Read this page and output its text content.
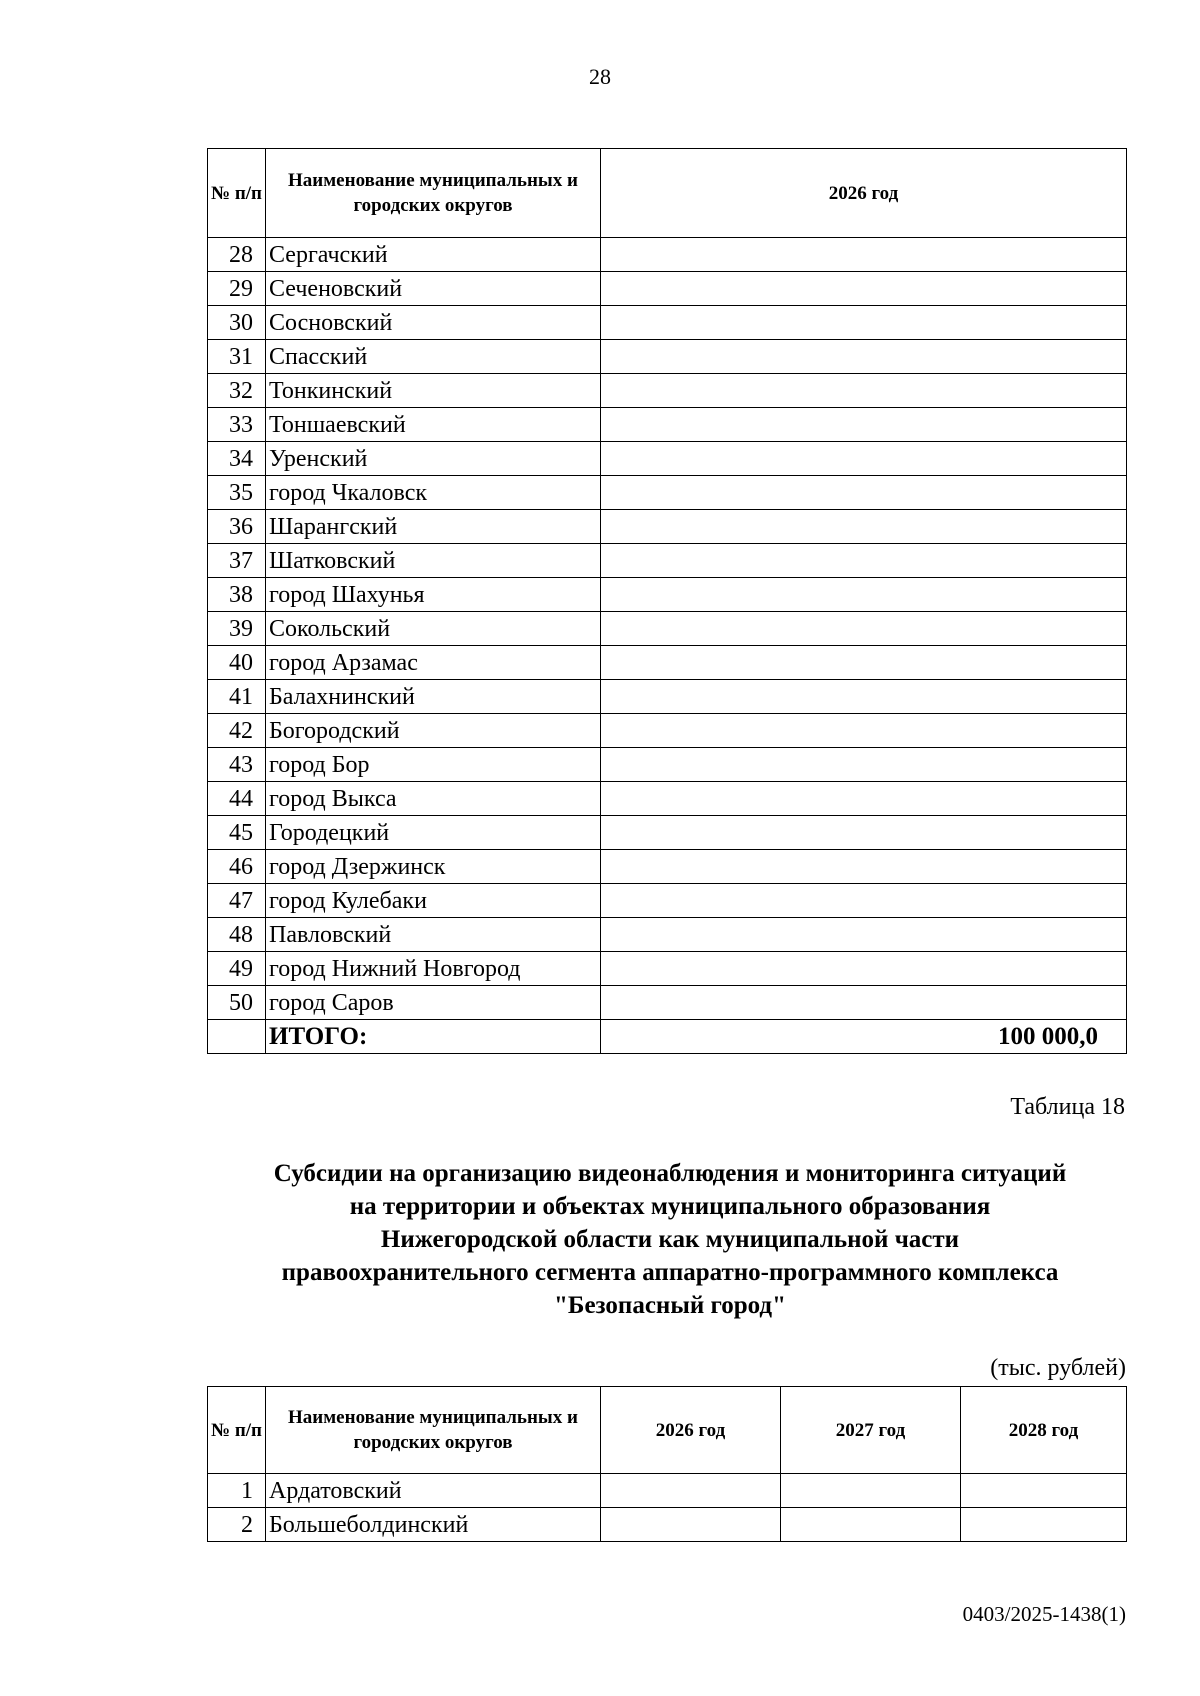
28
№ п/п	Наименование муниципальных и городских округов	2026 год
28	Сергачский	
29	Сеченовский	
30	Сосновский	
31	Спасский	
32	Тонкинский	
33	Тоншаевский	
34	Уренский	
35	город Чкаловск	
36	Шарангский	
37	Шатковский	
38	город Шахунья	
39	Сокольский	
40	город Арзамас	
41	Балахнинский	
42	Богородский	
43	город Бор	
44	город Выкса	
45	Городецкий	
46	город Дзержинск	
47	город Кулебаки	
48	Павловский	
49	город Нижний Новгород	
50	город Саров	
	ИТОГО:	100 000,0
Таблица 18
Субсидии на организацию видеонаблюдения и мониторинга ситуаций
на территории и объектах муниципального образования
Нижегородской области как муниципальной части
правоохранительного сегмента аппаратно-программного комплекса
"Безопасный город"
(тыс. рублей)
№ п/п	Наименование муниципальных и городских округов	2026 год	2027 год	2028 год
1	Ардатовский			
2	Большеболдинский			
0403/2025-1438(1)
